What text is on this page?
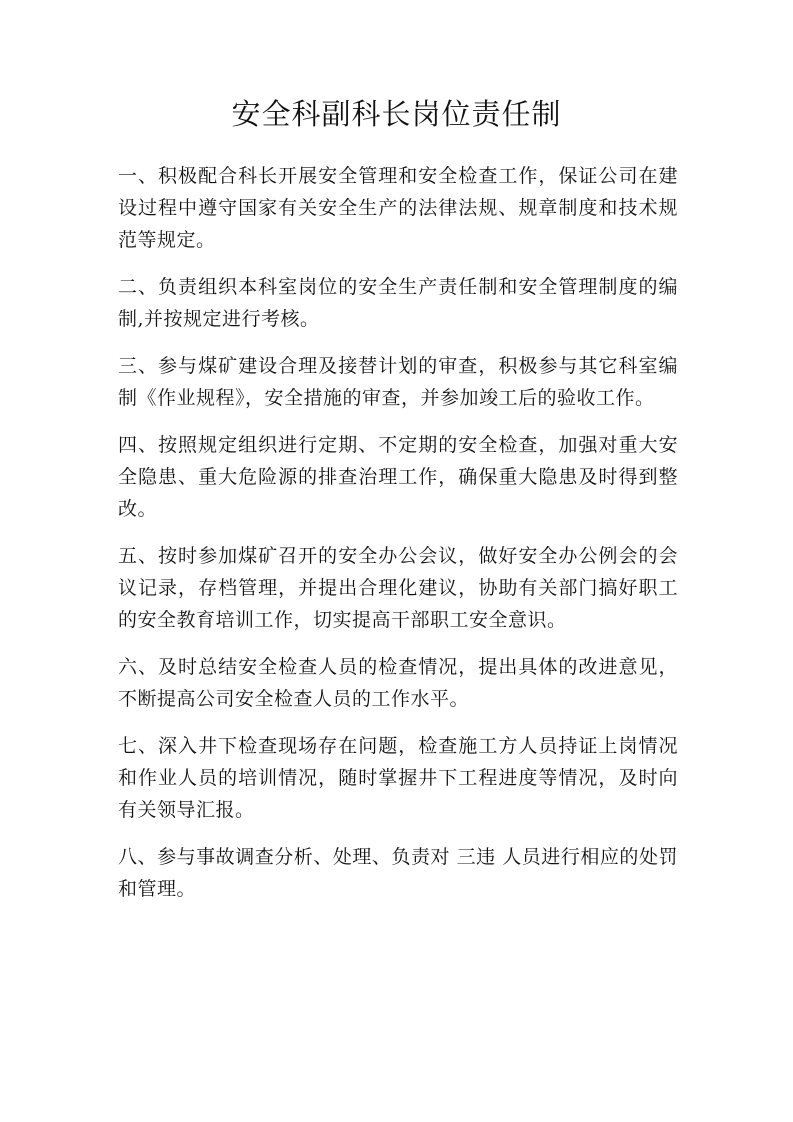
安全科副科长岗位责任制

一、积极配合科长开展安全管理和安全检查工作，保证公司在建设过程中遵守国家有关安全生产的法律法规、规章制度和技术规范等规定。

二、负责组织本科室岗位的安全生产责任制和安全管理制度的编制,并按规定进行考核。

三、参与煤矿建设合理及接替计划的审查，积极参与其它科室编制《作业规程》，安全措施的审查，并参加竣工后的验收工作。

四、按照规定组织进行定期、不定期的安全检查，加强对重大安全隐患、重大危险源的排查治理工作，确保重大隐患及时得到整改。

五、按时参加煤矿召开的安全办公会议，做好安全办公例会的会议记录，存档管理，并提出合理化建议，协助有关部门搞好职工的安全教育培训工作，切实提高干部职工安全意识。

六、及时总结安全检查人员的检查情况，提出具体的改进意见，不断提高公司安全检查人员的工作水平。

七、深入井下检查现场存在问题，检查施工方人员持证上岗情况和作业人员的培训情况，随时掌握井下工程进度等情况，及时向有关领导汇报。

八、参与事故调查分析、处理、负责对 三违 人员进行相应的处罚和管理。
